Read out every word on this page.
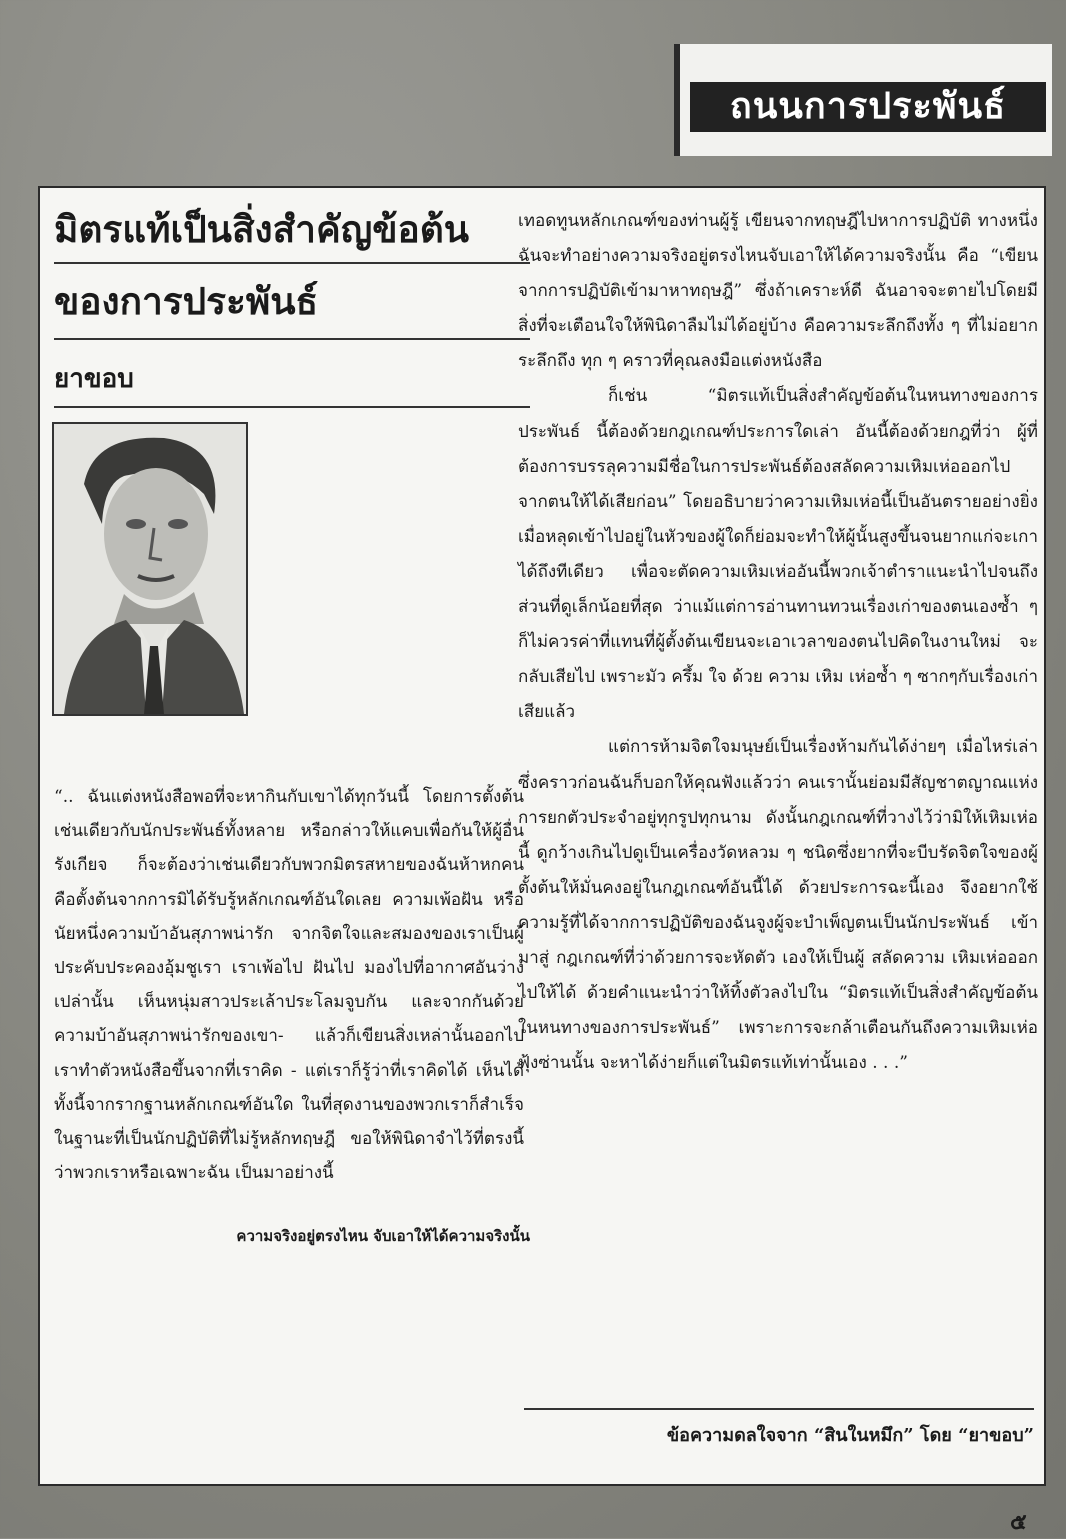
ถนนการประพันธ์
มิตรแท้เป็นสิ่งสำคัญข้อต้น
ของการประพันธ์
ยาขอบ

“.. ฉันแต่งหนังสือพอที่จะหากินกับเขาได้ทุกวันนี้ โดยการตั้งต้นเช่นเดียวกับนักประพันธ์ทั้งหลาย หรือกล่าวให้แคบเพื่อกันให้ผู้อื่นรังเกียจ ก็จะต้องว่าเช่นเดียวกับพวกมิตรสหายของฉันห้าหกคน คือตั้งต้นจากการมิได้รับรู้หลักเกณฑ์อันใดเลย ความเพ้อฝัน หรือนัยหนึ่งความบ้าอันสุภาพน่ารัก จากจิตใจและสมองของเราเป็นผู้ประคับประคองอุ้มชูเรา เราเพ้อไป ฝันไป มองไปที่อากาศอันว่างเปล่านั้น เห็นหนุ่มสาวประเล้าประโลมจูบกัน และจากกันด้วยความบ้าอันสุภาพน่ารักของเขา- แล้วก็เขียนสิ่งเหล่านั้นออกไป เราทำตัวหนังสือขึ้นจากที่เราคิด - แต่เราก็รู้ว่าที่เราคิดได้ เห็นได้ ทั้งนี้จากรากฐานหลักเกณฑ์อันใด ในที่สุดงานของพวกเราก็สำเร็จในฐานะที่เป็นนักปฏิบัติที่ไม่รู้หลักทฤษฎี ขอให้พินิดาจำไว้ที่ตรงนี้ ว่าพวกเราหรือเฉพาะฉัน เป็นมาอย่างนี้

ความจริงอยู่ตรงไหน จับเอาให้ได้ความจริงนั้น

เทอดทูนหลักเกณฑ์ของท่านผู้รู้ เขียนจากทฤษฎีไปหาการปฏิบัติ ทางหนึ่ง ฉันจะทำอย่างความจริงอยู่ตรงไหนจับเอาให้ได้ความจริงนั้น คือ “เขียนจากการปฏิบัติเข้ามาหาทฤษฎี” ซึ่งถ้าเคราะห์ดี ฉันอาจจะตายไปโดยมีสิ่งที่จะเตือนใจให้พินิดาลืมไม่ได้อยู่บ้าง คือความระลึกถึงทั้ง ๆ ที่ไม่อยากระลึกถึง ทุก ๆ คราวที่คุณลงมือแต่งหนังสือ

ก็เช่น “มิตรแท้เป็นสิ่งสำคัญข้อต้นในหนทางของการประพันธ์ นี้ต้องด้วยกฎเกณฑ์ประการใดเล่า อันนี้ต้องด้วยกฎที่ว่า ผู้ที่ต้องการบรรลุความมีชื่อในการประพันธ์ต้องสลัดความเหิมเห่อออกไปจากตนให้ได้เสียก่อน” โดยอธิบายว่าความเหิมเห่อนี้เป็นอันตรายอย่างยิ่ง เมื่อหลุดเข้าไปอยู่ในหัวของผู้ใดก็ย่อมจะทำให้ผู้นั้นสูงขึ้นจนยากแก่จะเกาได้ถึงทีเดียว เพื่อจะตัดความเหิมเห่ออันนี้พวกเจ้าตำราแนะนำไปจนถึงส่วนที่ดูเล็กน้อยที่สุด ว่าแม้แต่การอ่านทานทวนเรื่องเก่าของตนเองซ้ำ ๆ ก็ไม่ควรค่าที่แทนที่ผู้ตั้งต้นเขียนจะเอาเวลาของตนไปคิดในงานใหม่ จะกลับเสียไป เพราะมัว ครึ้ม ใจ ด้วย ความ เหิม เห่อซ้ำ ๆ ซากๆกับเรื่องเก่าเสียแล้ว

แต่การห้ามจิตใจมนุษย์เป็นเรื่องห้ามกันได้ง่ายๆ เมื่อไหร่เล่า ซึ่งคราวก่อนฉันก็บอกให้คุณฟังแล้วว่า คนเรานั้นย่อมมีสัญชาตญาณแห่งการยกตัวประจำอยู่ทุกรูปทุกนาม ดังนั้นกฎเกณฑ์ที่วางไว้ว่ามิให้เหิมเห่อนี้ ดูกว้างเกินไปดูเป็นเครื่องวัดหลวม ๆ ชนิดซึ่งยากที่จะบีบรัดจิตใจของผู้ตั้งต้นให้มั่นคงอยู่ในกฎเกณฑ์อันนี้ได้ ด้วยประการฉะนี้เอง จึงอยากใช้ความรู้ที่ได้จากการปฏิบัติของฉันจูงผู้จะบำเพ็ญตนเป็นนักประพันธ์ เข้ามาสู่ กฎเกณฑ์ที่ว่าด้วยการจะหัดตัว เองให้เป็นผู้ สลัดความ เหิมเห่อออกไปให้ได้ ด้วยคำแนะนำว่าให้ทิ้งตัวลงไปใน “มิตรแท้เป็นสิ่งสำคัญข้อต้นในหนทางของการประพันธ์” เพราะการจะกล้าเตือนกันถึงความเหิมเห่อฟุ้งซ่านนั้น จะหาได้ง่ายก็แต่ในมิตรแท้เท่านั้นเอง . . .”

ข้อความดลใจจาก “สินในหมึก” โดย “ยาขอบ”
๕
